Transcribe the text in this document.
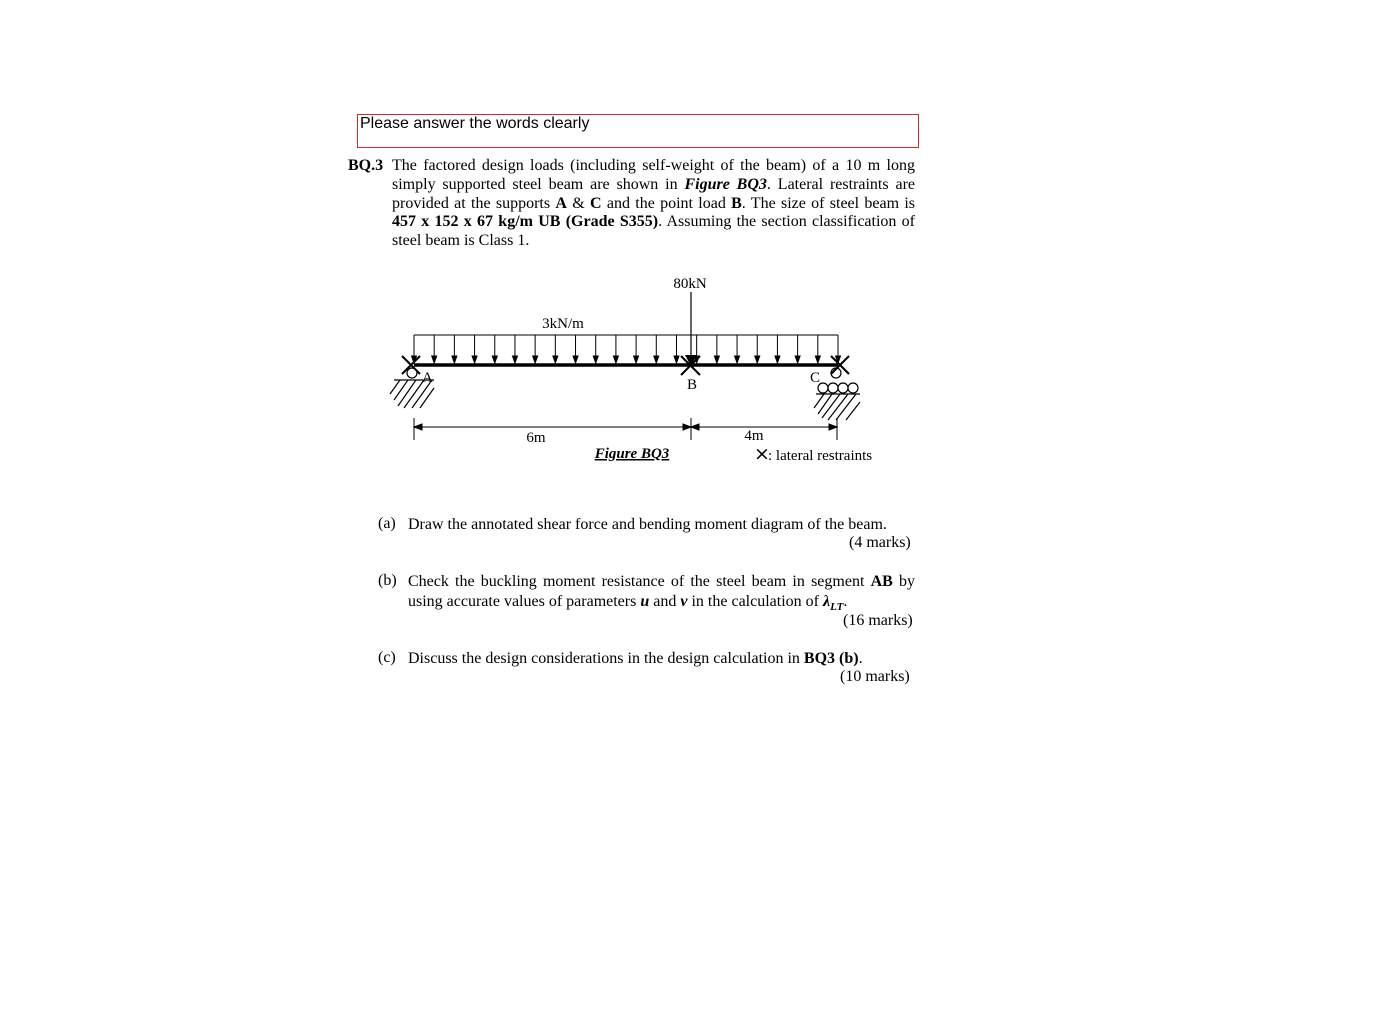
Please answer the words clearly
BQ.3 The factored design loads (including self-weight of the beam) of a 10 m long simply supported steel beam are shown in Figure BQ3. Lateral restraints are provided at the supports A & C and the point load B. The size of steel beam is 457 x 152 x 67 kg/m UB (Grade S355). Assuming the section classification of steel beam is Class 1.
80kN
3kN/m
A	B	C
6m	4m
Figure BQ3	×
: lateral restraints
(a) Draw the annotated shear force and bending moment diagram of the beam.
(4 marks)
(b) Check the buckling moment resistance of the steel beam in segment AB by using accurate values of parameters u and v in the calculation of $\lambda_{LT}$.
(16 marks)
(c) Discuss the design considerations in the design calculation in BQ3 (b).
(10 marks)
